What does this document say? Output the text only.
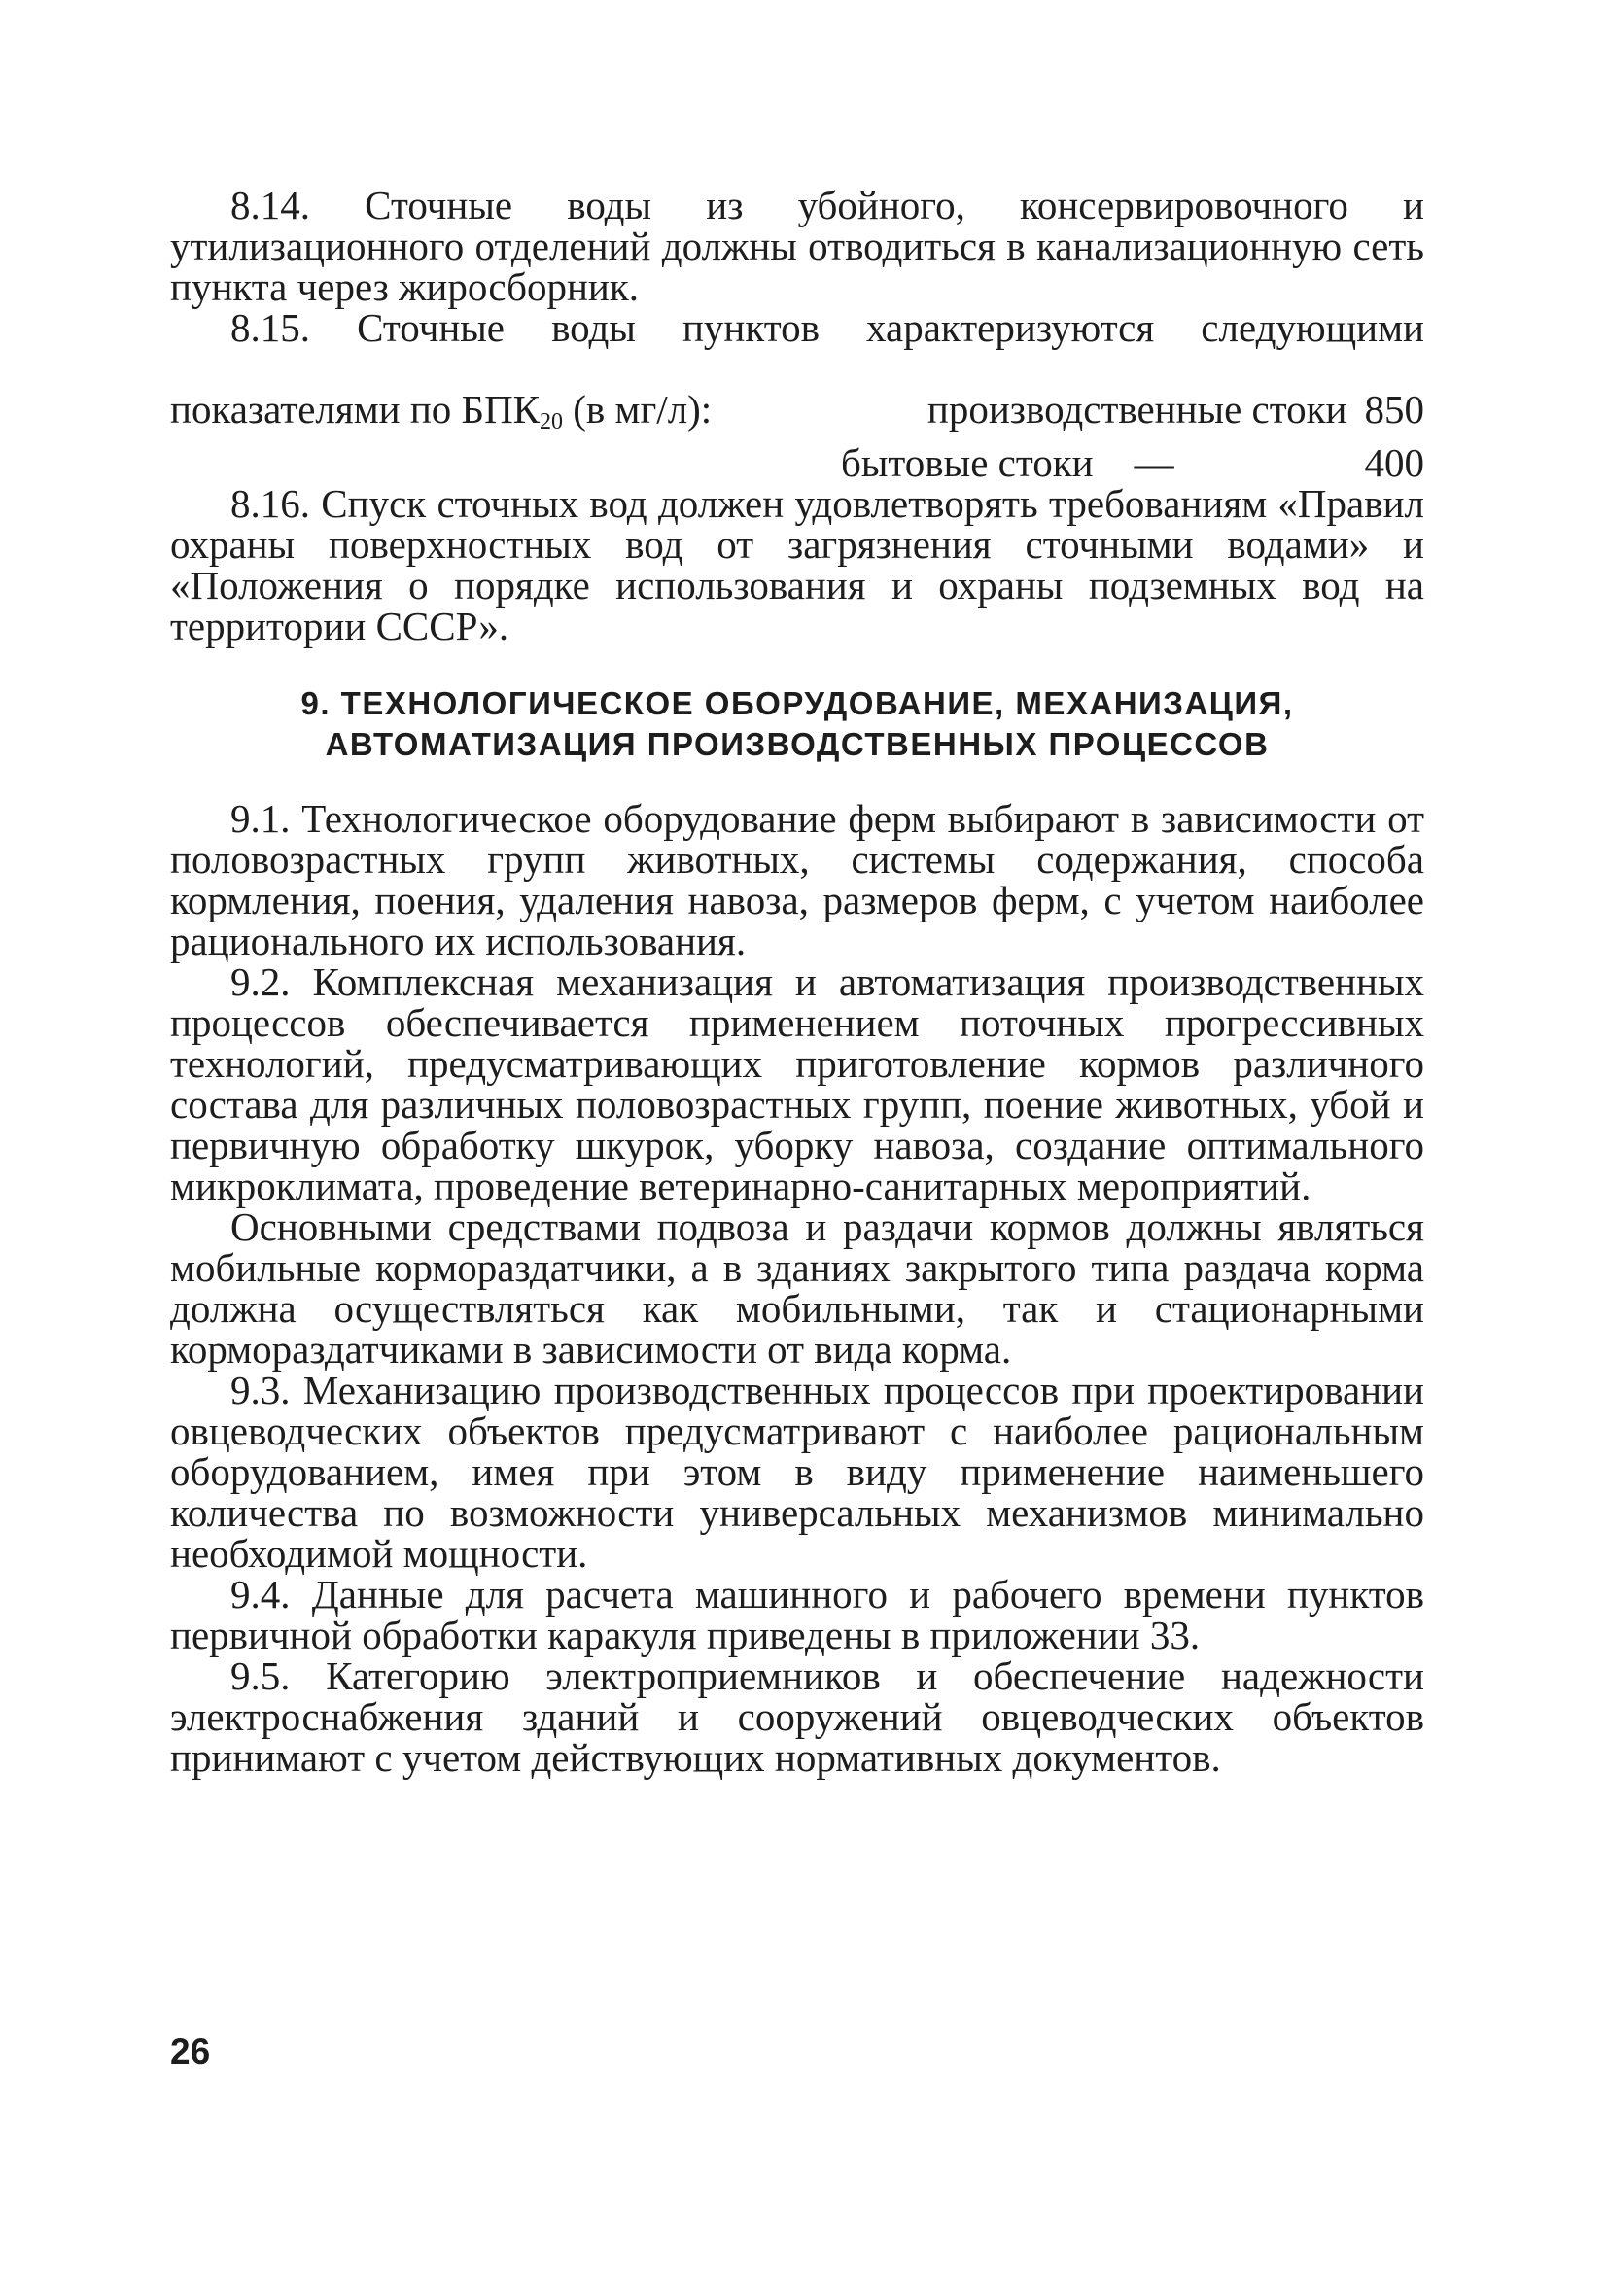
8.14. Сточные воды из убойного, консервировочного и утилизационного отделений должны отводиться в канализационную сеть пункта через жиросборник.

8.15. Сточные воды пунктов характеризуются следующими

показателями по $БПК_{20}$ (в мг/л):	производственные стоки 850
бытовые стоки —	400

8.16. Спуск сточных вод должен удовлетворять требованиям «Правил охраны поверхностных вод от загрязнения сточными водами» и «Положения о порядке использования и охраны подземных вод на территории СССР».

9. ТЕХНОЛОГИЧЕСКОЕ ОБОРУДОВАНИЕ, МЕХАНИЗАЦИЯ,
АВТОМАТИЗАЦИЯ ПРОИЗВОДСТВЕННЫХ ПРОЦЕССОВ

9.1. Технологическое оборудование ферм выбирают в зависимости от половозрастных групп животных, системы содержания, способа кормления, поения, удаления навоза, размеров ферм, с учетом наиболее рационального их использования.

9.2. Комплексная механизация и автоматизация производственных процессов обеспечивается применением поточных прогрессивных технологий, предусматривающих приготовление кормов различного состава для различных половозрастных групп, поение животных, убой и первичную обработку шкурок, уборку навоза, создание оптимального микроклимата, проведение ветеринарно-санитарных мероприятий.

Основными средствами подвоза и раздачи кормов должны являться мобильные кормораздатчики, а в зданиях закрытого типа раздача корма должна осуществляться как мобильными, так и стационарными кормораздатчиками в зависимости от вида корма.

9.3. Механизацию производственных процессов при проектировании овцеводческих объектов предусматривают с наиболее рациональным оборудованием, имея при этом в виду применение наименьшего количества по возможности универсальных механизмов минимально необходимой мощности.

9.4. Данные для расчета машинного и рабочего времени пунктов первичной обработки каракуля приведены в приложении 33.

9.5. Категорию электроприемников и обеспечение надежности электроснабжения зданий и сооружений овцеводческих объектов принимают с учетом действующих нормативных документов.

26
